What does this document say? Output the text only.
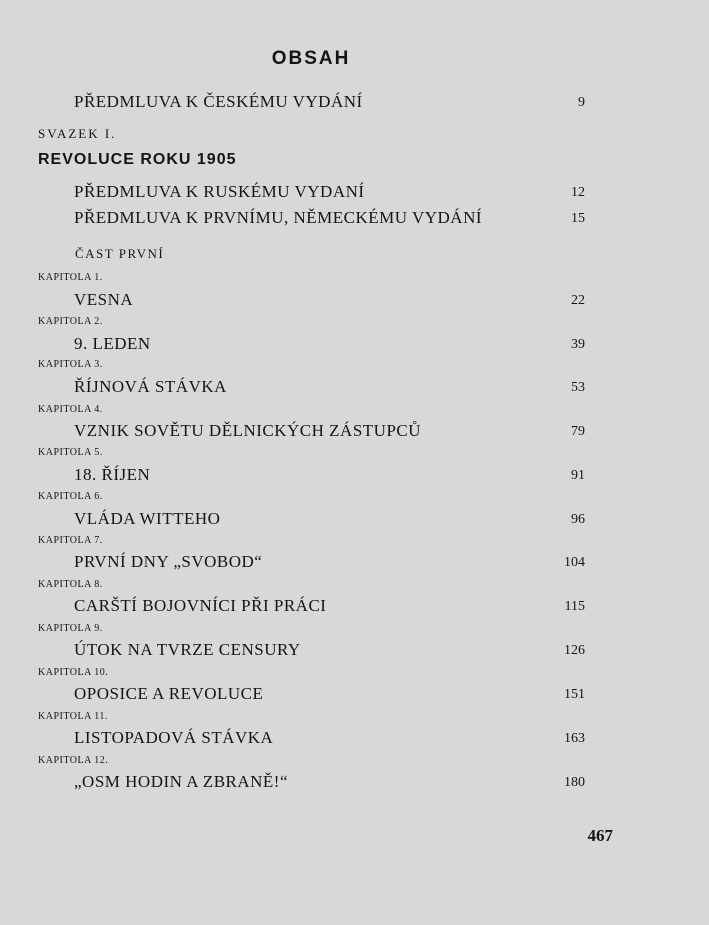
OBSAH
PŘEDMLUVA K ČESKÉMU VYDÁNÍ	9
SVAZEK I.
REVOLUCE ROKU 1905
PŘEDMLUVA K RUSKÉMU VYDANÍ	12
PŘEDMLUVA K PRVNÍMU, NĚMECKÉMU VYDÁNÍ	15
ČAST PRVNÍ
KAPITOLA 1.
VESNA	22
KAPITOLA 2.
9. LEDEN	39
KAPITOLA 3.
ŘÍJNOVÁ STÁVKA	53
KAPITOLA 4.
VZNIK SOVĚTU DĚLNICKÝCH ZÁSTUPCŮ	79
KAPITOLA 5.
18. ŘÍJEN	91
KAPITOLA 6.
VLÁDA WITTEHO	96
KAPITOLA 7.
PRVNÍ DNY „SVOBOD“	104
KAPITOLA 8.
CARŠTÍ BOJOVNÍCI PŘI PRÁCI	115
KAPITOLA 9.
ÚTOK NA TVRZE CENSURY	126
KAPITOLA 10.
OPOSICE A REVOLUCE	151
KAPITOLA 11.
LISTOPADOVÁ STÁVKA	163
KAPITOLA 12.
„OSM HODIN A ZBRANĚ!“	180
467
